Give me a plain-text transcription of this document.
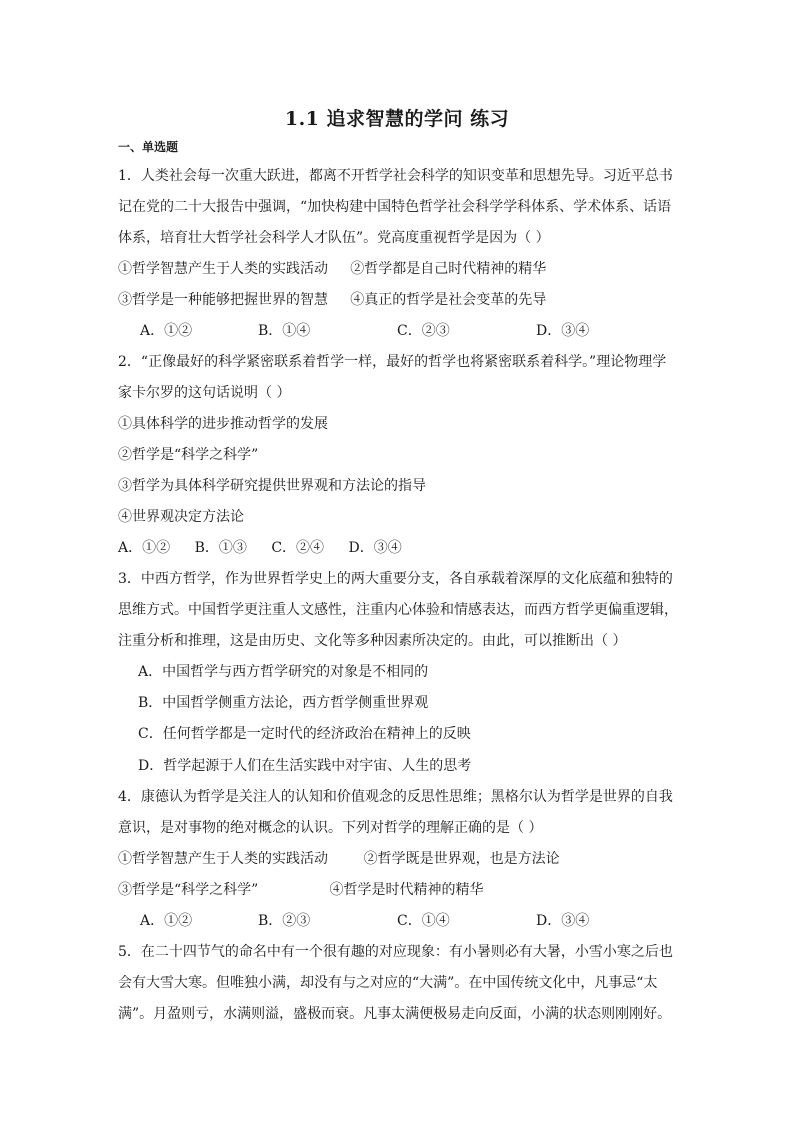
1.1 追求智慧的学问 练习
一、单选题
1．人类社会每一次重大跃进，都离不开哲学社会科学的知识变革和思想先导。习近平总书
记在党的二十大报告中强调，“加快构建中国特色哲学社会科学学科体系、学术体系、话语
体系，培育壮大哲学社会科学人才队伍”。党高度重视哲学是因为（ ）
①哲学智慧产生于人类的实践活动     ②哲学都是自己时代精神的精华
③哲学是一种能够把握世界的智慧     ④真正的哲学是社会变革的先导
A．①②	B．①④	C．②③	D．③④
2．“正像最好的科学紧密联系着哲学一样，最好的哲学也将紧密联系着科学。”理论物理学
家卡尔罗的这句话说明（ ）
①具体科学的进步推动哲学的发展
②哲学是“科学之科学”
③哲学为具体科学研究提供世界观和方法论的指导
④世界观决定方法论
A．①② B．①③ C．②④ D．③④
3．中西方哲学，作为世界哲学史上的两大重要分支，各自承载着深厚的文化底蕴和独特的
思维方式。中国哲学更注重人文感性，注重内心体验和情感表达，而西方哲学更偏重逻辑，
注重分析和推理，这是由历史、文化等多种因素所决定的。由此，可以推断出（ ）
A．中国哲学与西方哲学研究的对象是不相同的
B．中国哲学侧重方法论，西方哲学侧重世界观
C．任何哲学都是一定时代的经济政治在精神上的反映
D．哲学起源于人们在生活实践中对宇宙、人生的思考
4．康德认为哲学是关注人的认知和价值观念的反思性思维；黑格尔认为哲学是世界的自我
意识，是对事物的绝对概念的认识。下列对哲学的理解正确的是（ ）
①哲学智慧产生于人类的实践活动        ②哲学既是世界观，也是方法论
③哲学是“科学之科学”                ④哲学是时代精神的精华
A．①②	B．②③	C．①④	D．③④
5．在二十四节气的命名中有一个很有趣的对应现象：有小暑则必有大暑，小雪小寒之后也
会有大雪大寒。但唯独小满，却没有与之对应的“大满”。在中国传统文化中，凡事忌“太
满”。月盈则亏，水满则溢，盛极而衰。凡事太满便极易走向反面，小满的状态则刚刚好。
